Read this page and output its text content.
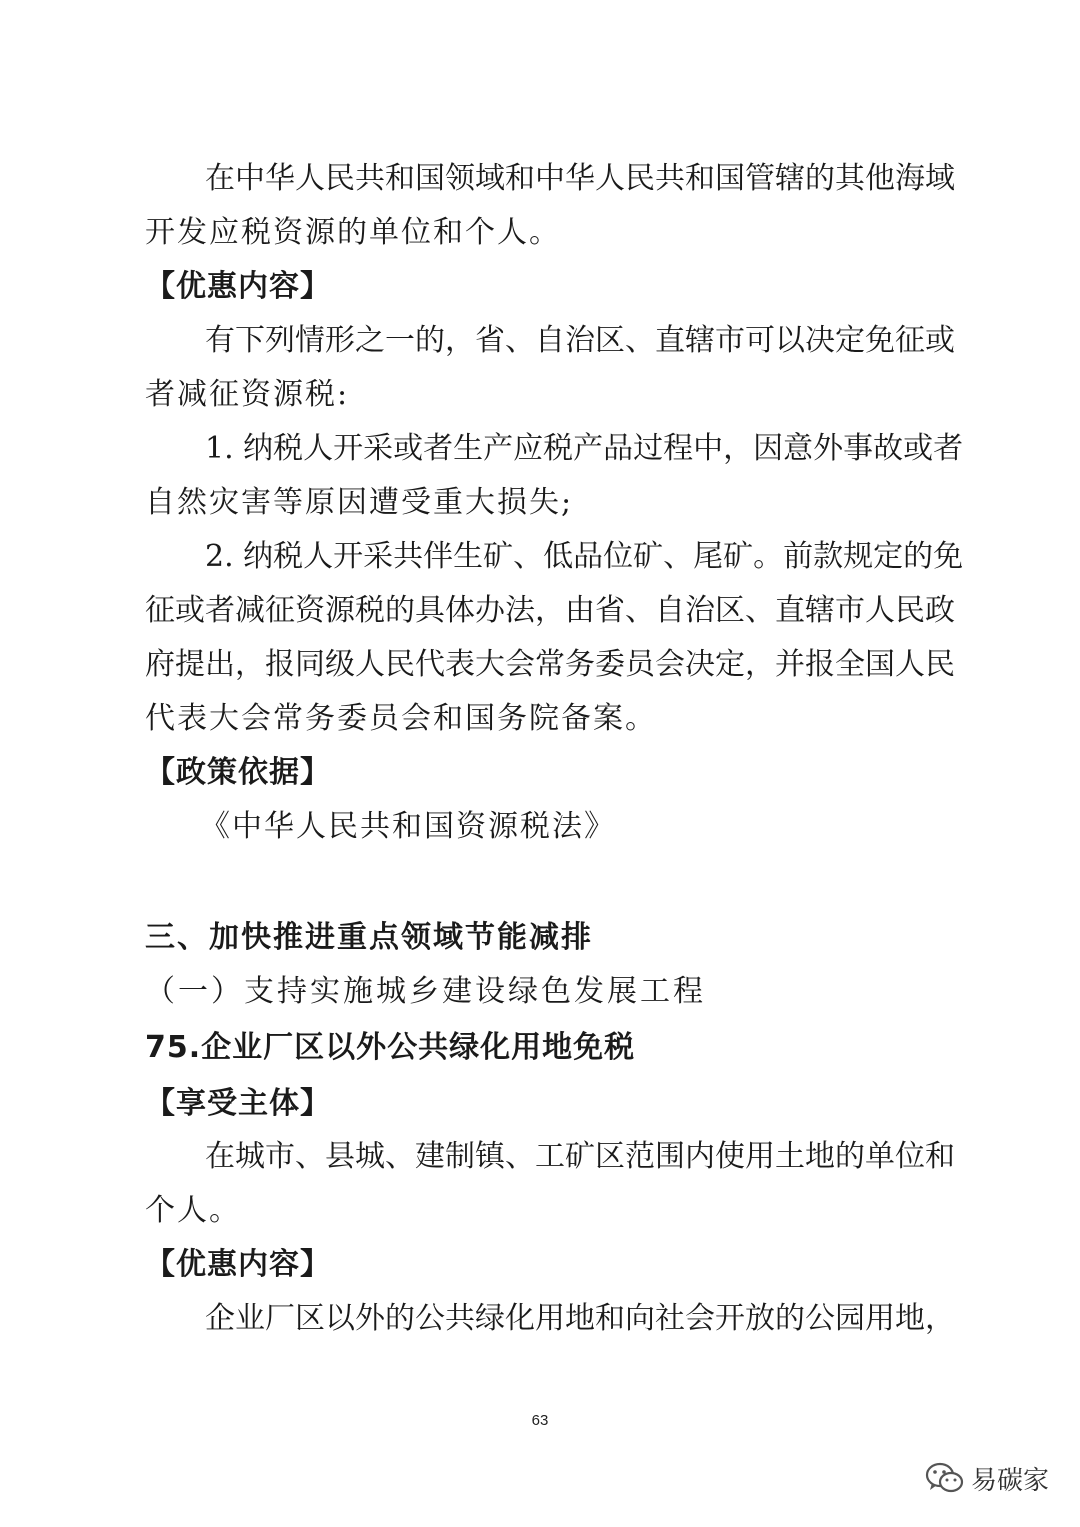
在中华人民共和国领域和中华人民共和国管辖的其他海域
开发应税资源的单位和个人。
【优惠内容】
有下列情形之一的，省、自治区、直辖市可以决定免征或
者减征资源税:
1. 纳税人开采或者生产应税产品过程中，因意外事故或者
自然灾害等原因遭受重大损失;
2. 纳税人开采共伴生矿、低品位矿、尾矿。前款规定的免
征或者减征资源税的具体办法，由省、自治区、直辖市人民政
府提出，报同级人民代表大会常务委员会决定，并报全国人民
代表大会常务委员会和国务院备案。
【政策依据】
《中华人民共和国资源税法》
三、加快推进重点领域节能减排
（一）支持实施城乡建设绿色发展工程
75.企业厂区以外公共绿化用地免税
【享受主体】
在城市、县城、建制镇、工矿区范围内使用土地的单位和
个人。
【优惠内容】
企业厂区以外的公共绿化用地和向社会开放的公园用地，
63
易碳家
